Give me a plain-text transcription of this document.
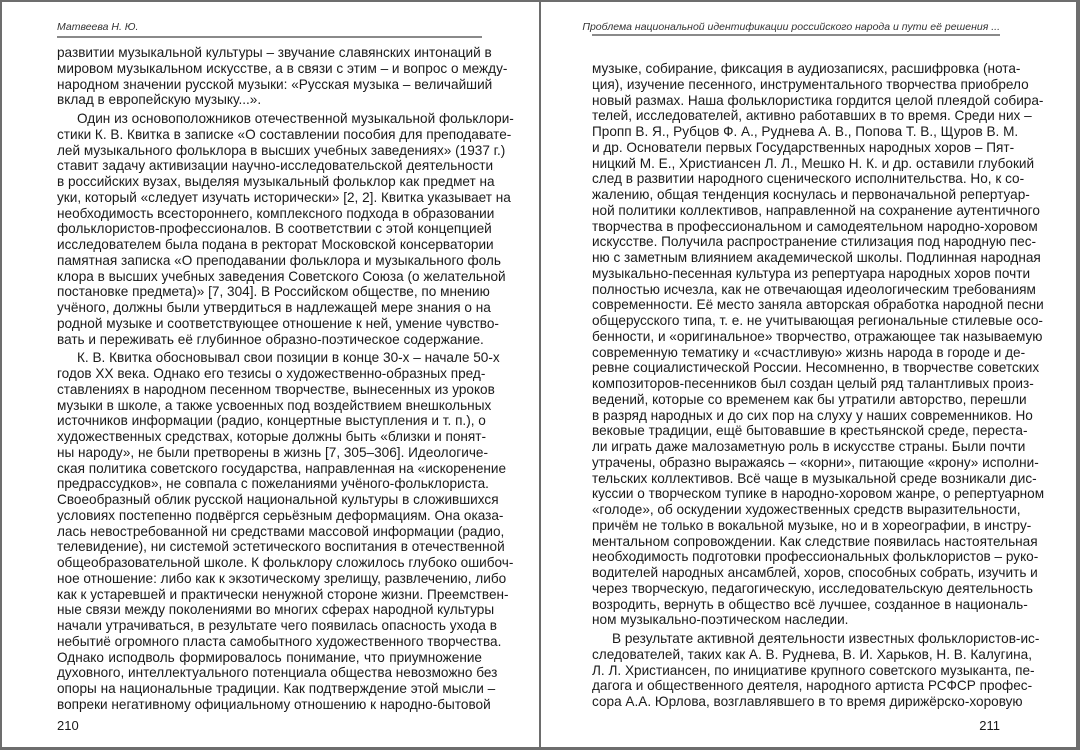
Матвеева Н. Ю.
развитии музыкальной культуры – звучание славянских интонаций в
мировом музыкальном искусстве, а в связи с этим – и вопрос о между-
народном значении русской музыки: «Русская музыка – величайший
вклад в европейскую музыку...».
Один из основоположников отечественной музыкальной фольклори-
стики К. В. Квитка в записке «О составлении пособия для преподавате-
лей музыкального фольклора в высших учебных заведениях» (1937 г.)
ставит задачу активизации научно-исследовательской деятельности
в российских вузах, выделяя музыкальный фольклор как предмет на
уки, который «следует изучать исторически» [2, 2]. Квитка указывает на
необходимость всестороннего, комплексного подхода в образовании
фольклористов-профессионалов. В соответствии с этой концепцией
исследователем была подана в ректорат Московской консерватории
памятная записка «О преподавании фольклора и музыкального фоль
клора в высших учебных заведения Советского Союза (о желательной
постановке предмета)» [7, 304]. В Российском обществе, по мнению
учёного, должны были утвердиться в надлежащей мере знания о на
родной музыке и соответствующее отношение к ней, умение чувство-
вать и переживать её глубинное образно-поэтическое содержание.
К. В. Квитка обосновывал свои позиции в конце 30-х – начале 50-х
годов XX века. Однако его тезисы о художественно-образных пред-
ставлениях в народном песенном творчестве, вынесенных из уроков
музыки в школе, а также усвоенных под воздействием внешкольных
источников информации (радио, концертные выступления и т. п.), о
художественных средствах, которые должны быть «близки и понят-
ны народу», не были претворены в жизнь [7, 305–306]. Идеологиче-
ская политика советского государства, направленная на «искоренение
предрассудков», не совпала с пожеланиями учёного-фольклориста.
Своеобразный облик русской национальной культуры в сложившихся
условиях постепенно подвёргся серьёзным деформациям. Она оказа-
лась невостребованной ни средствами массовой информации (радио,
телевидение), ни системой эстетического воспитания в отечественной
общеобразовательной школе. К фольклору сложилось глубоко ошибоч-
ное отношение: либо как к экзотическому зрелищу, развлечению, либо
как к устаревшей и практически ненужной стороне жизни. Преемствен-
ные связи между поколениями во многих сферах народной культуры
начали утрачиваться, в результате чего появилась опасность ухода в
небытиё огромного пласта самобытного художественного творчества.
Однако исподволь формировалось понимание, что приумножение
духовного, интеллектуального потенциала общества невозможно без
опоры на национальные традиции. Как подтверждение этой мысли –
вопреки негативному официальному отношению к народно-бытовой
210
Проблема национальной идентификации российского народа и пути её решения ...
музыке, собирание, фиксация в аудиозаписях, расшифровка (нота-
ция), изучение песенного, инструментального творчества приобрело
новый размах. Наша фольклористика гордится целой плеядой собира-
телей, исследователей, активно работавших в то время. Среди них –
Пропп В. Я., Рубцов Ф. А., Руднева А. В., Попова Т. В., Щуров В. М.
и др. Основатели первых Государственных народных хоров – Пят-
ницкий М. Е., Христиансен Л. Л., Мешко Н. К. и др. оставили глубокий
след в развитии народного сценического исполнительства. Но, к со-
жалению, общая тенденция коснулась и первоначальной репертуар-
ной политики коллективов, направленной на сохранение аутентичного
творчества в профессиональном и самодеятельном народно-хоровом
искусстве. Получила распространение стилизация под народную пес-
ню с заметным влиянием академической школы. Подлинная народная
музыкально-песенная культура из репертуара народных хоров почти
полностью исчезла, как не отвечающая идеологическим требованиям
современности. Её место заняла авторская обработка народной песни
общерусского типа, т. е. не учитывающая региональные стилевые осо-
бенности, и «оригинальное» творчество, отражающее так называемую
современную тематику и «счастливую» жизнь народа в городе и де-
ревне социалистической России. Несомненно, в творчестве советских
композиторов-песенников был создан целый ряд талантливых произ-
ведений, которые со временем как бы утратили авторство, перешли
в разряд народных и до сих пор на слуху у наших современников. Но
вековые традиции, ещё бытовавшие в крестьянской среде, переста-
ли играть даже малозаметную роль в искусстве страны. Были почти
утрачены, образно выражаясь – «корни», питающие «крону» исполни-
тельских коллективов. Всё чаще в музыкальной среде возникали дис-
куссии о творческом тупике в народно-хоровом жанре, о репертуарном
«голоде», об оскудении художественных средств выразительности,
причём не только в вокальной музыке, но и в хореографии, в инстру-
ментальном сопровождении. Как следствие появилась настоятельная
необходимость подготовки профессиональных фольклористов – руко-
водителей народных ансамблей, хоров, способных собрать, изучить и
через творческую, педагогическую, исследовательскую деятельность
возродить, вернуть в общество всё лучшее, созданное в националь-
ном музыкально-поэтическом наследии.
В результате активной деятельности известных фольклористов-ис-
следователей, таких как А. В. Руднева, В. И. Харьков, Н. В. Калугина,
Л. Л. Христиансен, по инициативе крупного советского музыканта, пе-
дагога и общественного деятеля, народного артиста РСФСР профес-
сора А.А. Юрлова, возглавлявшего в то время дирижёрско-хоровую
211
